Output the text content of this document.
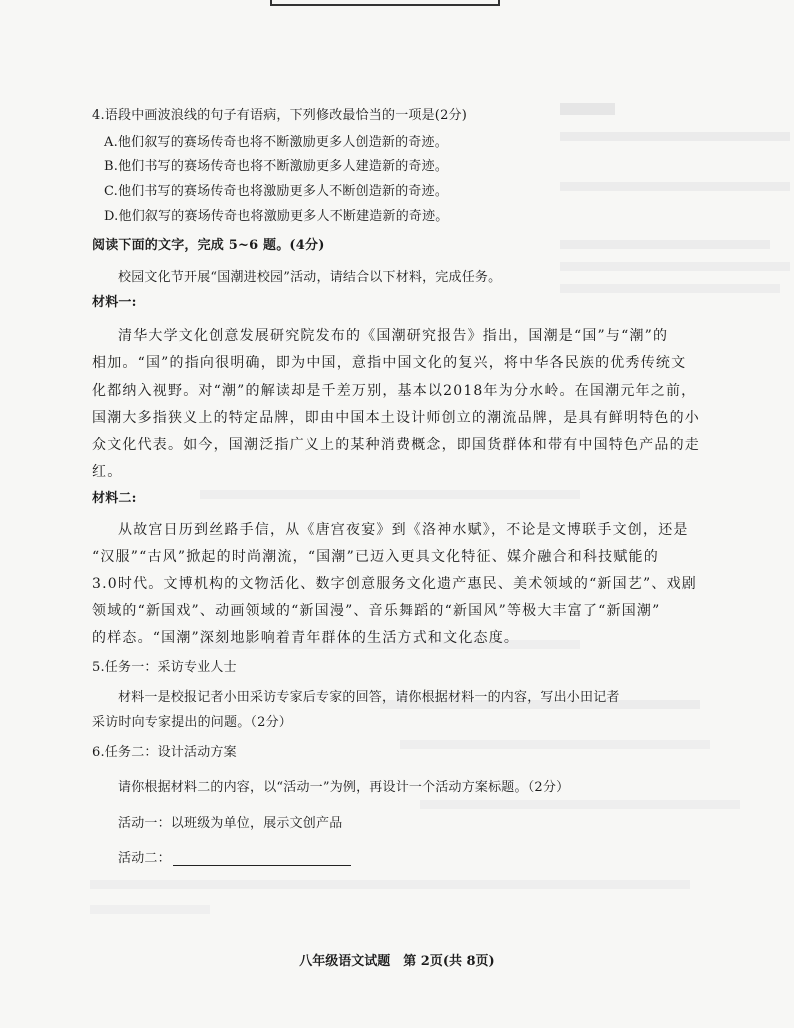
4.语段中画波浪线的句子有语病，下列修改最恰当的一项是(2分)
A.他们叙写的赛场传奇也将不断激励更多人创造新的奇迹。
B.他们书写的赛场传奇也将不断激励更多人建造新的奇迹。
C.他们书写的赛场传奇也将激励更多人不断创造新的奇迹。
D.他们叙写的赛场传奇也将激励更多人不断建造新的奇迹。
阅读下面的文字，完成 5~6 题。(4分)
校园文化节开展“国潮进校园”活动，请结合以下材料，完成任务。
材料一:
清华大学文化创意发展研究院发布的《国潮研究报告》指出，国潮是“国”与“潮”的
相加。“国”的指向很明确，即为中国，意指中国文化的复兴，将中华各民族的优秀传统文
化都纳入视野。对“潮”的解读却是千差万别，基本以2018年为分水岭。在国潮元年之前，
国潮大多指狭义上的特定品牌，即由中国本土设计师创立的潮流品牌，是具有鲜明特色的小
众文化代表。如今，国潮泛指广义上的某种消费概念，即国货群体和带有中国特色产品的走
红。
材料二:
从故宫日历到丝路手信，从《唐宫夜宴》到《洛神水赋》，不论是文博联手文创，还是
“汉服”“古风”掀起的时尚潮流，“国潮”已迈入更具文化特征、媒介融合和科技赋能的
3.0时代。文博机构的文物活化、数字创意服务文化遗产惠民、美术领域的“新国艺”、戏剧
领域的“新国戏”、动画领域的“新国漫”、音乐舞蹈的“新国风”等极大丰富了“新国潮”
的样态。“国潮”深刻地影响着青年群体的生活方式和文化态度。
5.任务一：采访专业人士
材料一是校报记者小田采访专家后专家的回答，请你根据材料一的内容，写出小田记者
采访时向专家提出的问题。（2分）
6.任务二：设计活动方案
请你根据材料二的内容，以“活动一”为例，再设计一个活动方案标题。（2分）
活动一：以班级为单位，展示文创产品
活动二：
八年级语文试题　第 2页(共 8页)
